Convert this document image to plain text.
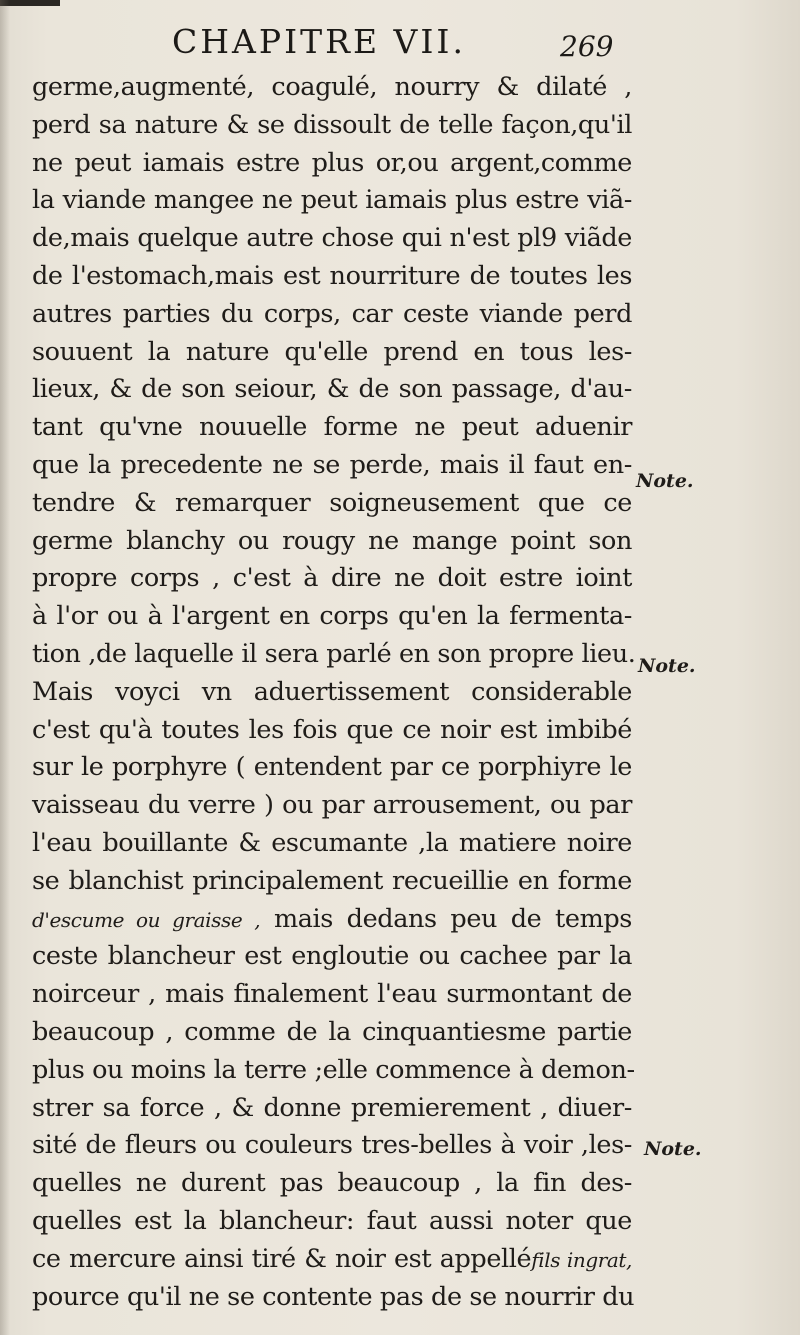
CHAPITRE VII.	269
germe,augmenté, coagulé, nourry & dilaté ,
perd sa nature & se dissoult de telle façon,qu'il
ne peut iamais estre plus or,ou argent,comme
la viande mangee ne peut iamais plus estre viã-
de,mais quelque autre chose qui n'est pl9 viãde
de l'estomach,mais est nourriture de toutes les
autres parties du corps, car ceste viande perd
souuent la nature qu'elle prend en tous les-
lieux, & de son seiour, & de son passage, d'au-
tant qu'vne nouuelle forme ne peut aduenir
que la precedente ne se perde, mais il faut en-
tendre & remarquer soigneusement que ce
germe blanchy ou rougy ne mange point son
propre corps , c'est à dire ne doit estre ioint
à l'or ou à l'argent en corps qu'en la fermenta-
tion ,de laquelle il sera parlé en son propre lieu.
Mais voyci vn aduertissement considerable
c'est qu'à toutes les fois que ce noir est imbibé
sur le porphyre ( entendent par ce porphiyre le
vaisseau du verre ) ou par arrousement, ou par
l'eau bouillante & escumante ,la matiere noire
se blanchist principalement recueillie en forme
d'escume ou graisse , mais dedans peu de temps
ceste blancheur est engloutie ou cachee par la
noirceur , mais finalement l'eau surmontant de
beaucoup , comme de la cinquantiesme partie
plus ou moins la terre ;elle commence à demon-
strer sa force , & donne premierement , diuer-
sité de fleurs ou couleurs tres-belles à voir ,les-
quelles ne durent pas beaucoup , la fin des-
quelles est la blancheur: faut aussi noter que
ce mercure ainsi tiré & noir est appelléfils ingrat,
pource qu'il ne se contente pas de se nourrir du
Note.
Note.
Note.
